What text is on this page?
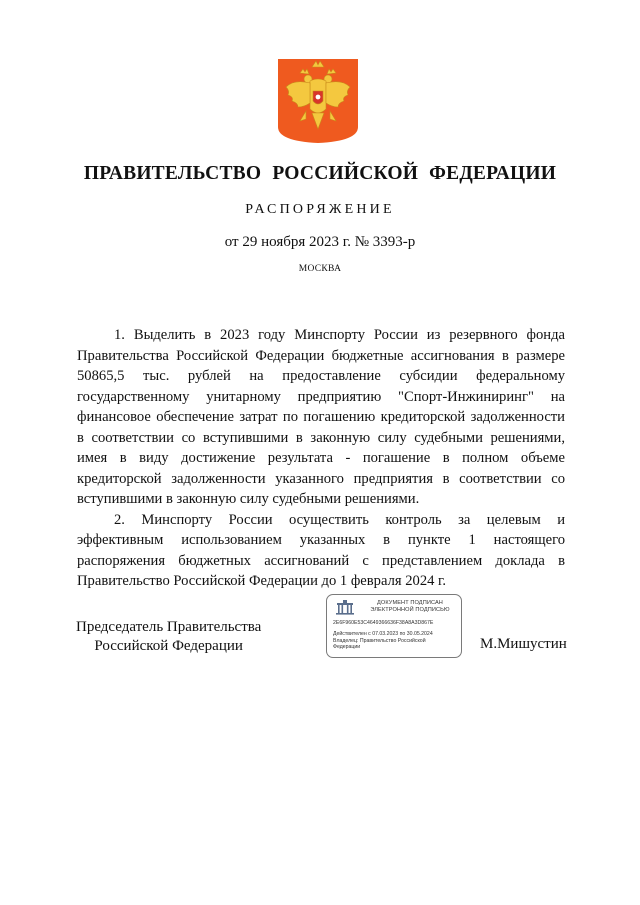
ПРАВИТЕЛЬСТВО РОССИЙСКОЙ ФЕДЕРАЦИИ
РАСПОРЯЖЕНИЕ
от 29 ноября 2023 г. № 3393-р
МОСКВА

1. Выделить в 2023 году Минспорту России из резервного фонда Правительства Российской Федерации бюджетные ассигнования в размере 50865,5 тыс. рублей на предоставление субсидии федеральному государственному унитарному предприятию "Спорт-Инжиниринг" на финансовое обеспечение затрат по погашению кредиторской задолженности в соответствии со вступившими в законную силу судебными решениями, имея в виду достижение результата - погашение в полном объеме кредиторской задолженности указанного предприятия в соответствии со вступившими в законную силу судебными решениями.

2. Минспорту России осуществить контроль за целевым и эффективным использованием указанных в пункте 1 настоящего распоряжения бюджетных ассигнований с представлением доклада в Правительство Российской Федерации до 1 февраля 2024 г.

Председатель Правительства
Российской Федерации
ДОКУМЕНТ ПОДПИСАН
ЭЛЕКТРОННОЙ ПОДПИСЬЮ
2E6F960E53C4649366636F38A8A3D867E
Действителен с 07.03.2023 по 30.05.2024
Владелец: Правительство Российской
Федерации	М.Мишустин
